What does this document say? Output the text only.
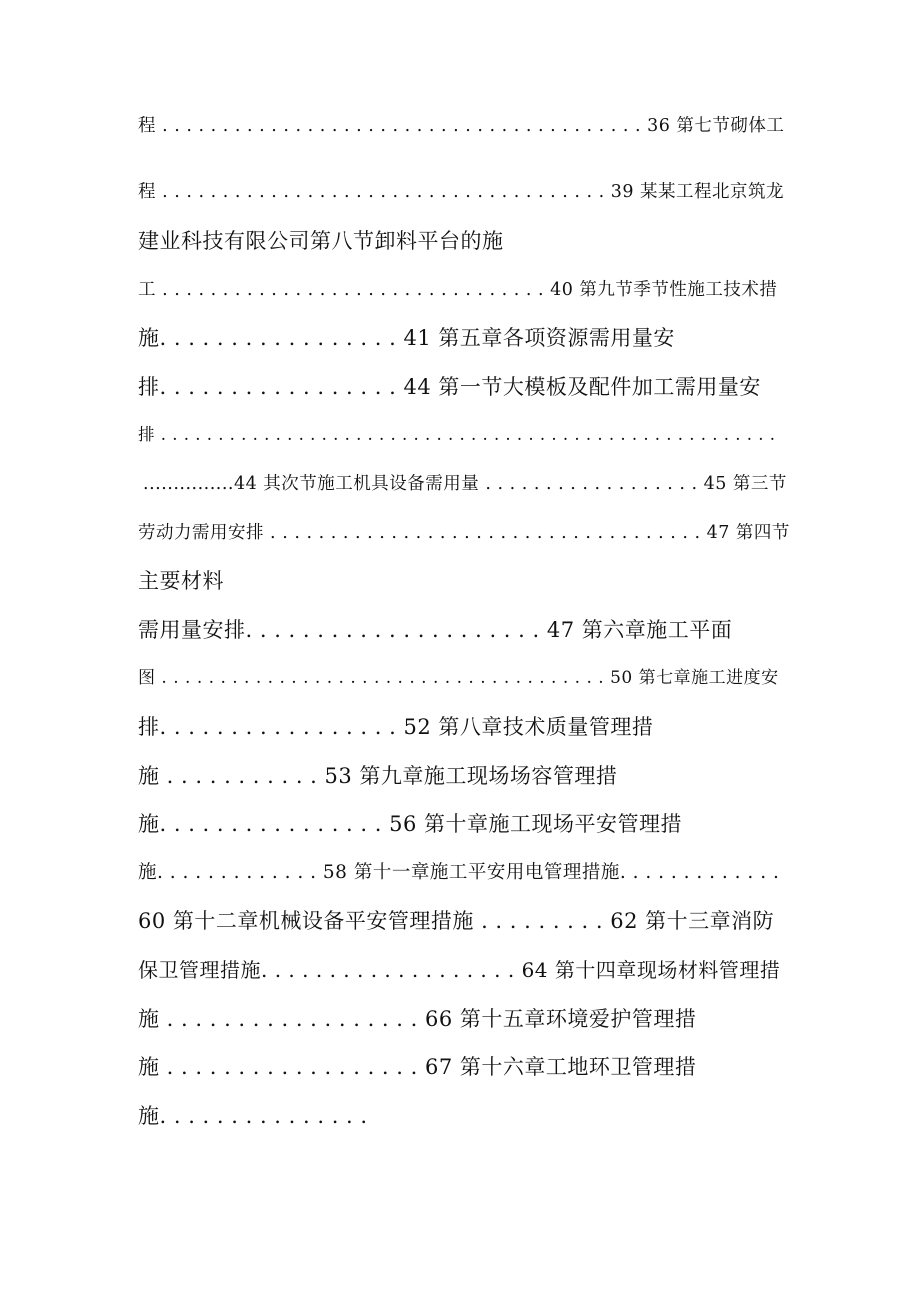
程 . . . . . . . . . . . . . . . . . . . . . . . . . . . . . . . . . . . . . . . . 36 第七节砌体工
程 . . . . . . . . . . . . . . . . . . . . . . . . . . . . . . . . . . . . . 39 某某工程北京筑龙
建业科技有限公司第八节卸料平台的施
工 . . . . . . . . . . . . . . . . . . . . . . . . . . . . . . . . 40 第九节季节性施工技术措
施. . . . . . . . . . . . . . . . . 41 第五章各项资源需用量安
排. . . . . . . . . . . . . . . . . 44 第一节大模板及配件加工需用量安
排 . . . . . . . . . . . . . . . . . . . . . . . . . . . . . . . . . . . . . . . . . . . . . . . . . . . . . .
...............44 其次节施工机具设备需用量 . . . . . . . . . . . . . . . . . . 45 第三节
劳动力需用安排 . . . . . . . . . . . . . . . . . . . . . . . . . . . . . . . . . . . . 47 第四节
主要材料
需用量安排. . . . . . . . . . . . . . . . . . . . . 47 第六章施工平面
图 . . . . . . . . . . . . . . . . . . . . . . . . . . . . . . . . . . . . . . 50 第七章施工进度安
排. . . . . . . . . . . . . . . . . 52 第八章技术质量管理措
施 . . . . . . . . . . . 53 第九章施工现场场容管理措
施. . . . . . . . . . . . . . . . 56 第十章施工现场平安管理措
施. . . . . . . . . . . . . 58 第十一章施工平安用电管理措施. . . . . . . . . . . . .
60 第十二章机械设备平安管理措施 . . . . . . . . . 62 第十三章消防
保卫管理措施. . . . . . . . . . . . . . . . . . . 64 第十四章现场材料管理措
施 . . . . . . . . . . . . . . . . . . 66 第十五章环境爱护管理措
施 . . . . . . . . . . . . . . . . . . 67 第十六章工地环卫管理措
施. . . . . . . . . . . . . . .
